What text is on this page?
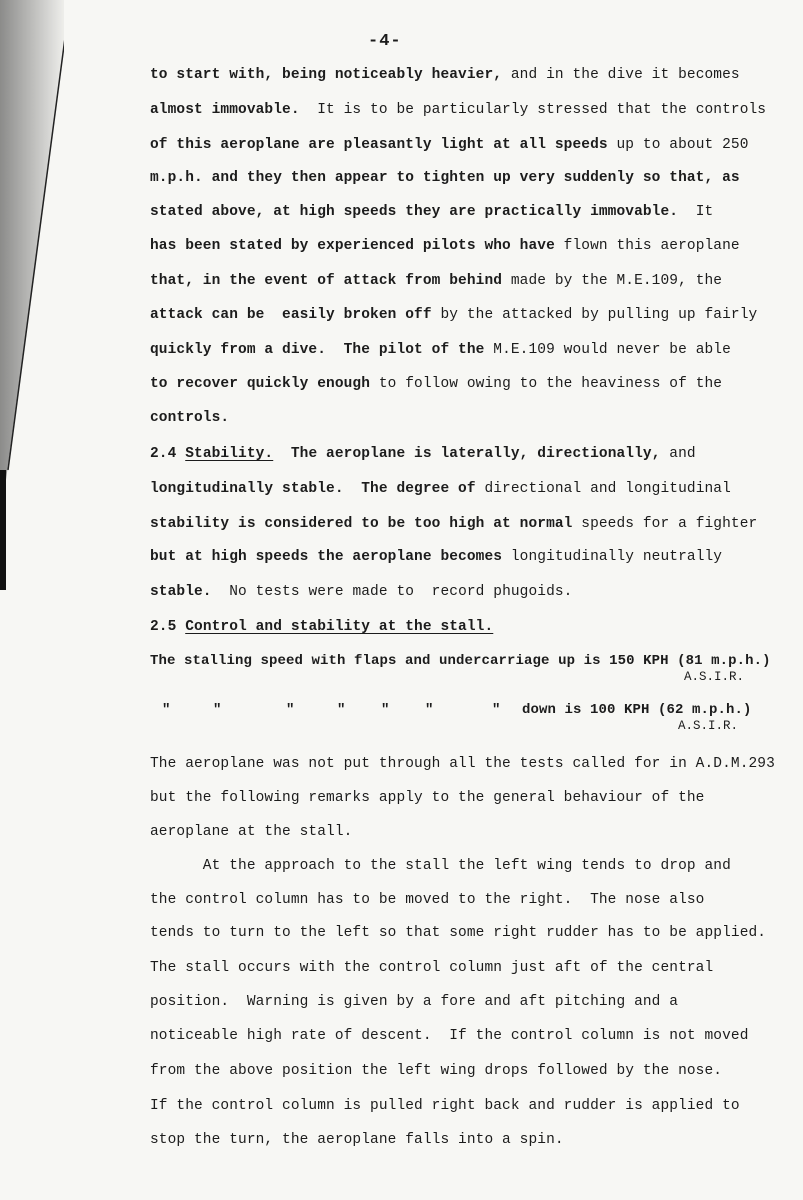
-4-
to start with, being noticeably heavier, and in the dive it becomes
almost immovable.  It is to be particularly stressed that the controls
of this aeroplane are pleasantly light at all speeds up to about 250
m.p.h. and they then appear to tighten up very suddenly so that, as
stated above, at high speeds they are practically immovable.  It
has been stated by experienced pilots who have flown this aeroplane
that, in the event of attack from behind made by the M.E.109, the
attack can be  easily broken off by the attacked by pulling up fairly
quickly from a dive.  The pilot of the M.E.109 would never be able
to recover quickly enough to follow owing to the heaviness of the
controls.
2.4 Stability.  The aeroplane is laterally, directionally, and
longitudinally stable.  The degree of directional and longitudinal
stability is considered to be too high at normal speeds for a fighter
but at high speeds the aeroplane becomes longitudinally neutrally
stable.  No tests were made to  record phugoids.
2.5 Control and stability at the stall.
The stalling speed with flaps and undercarriage up is 150 KPH (81 m.p.h.)
A.S.I.R.
"	"	"	"	"	"	" down is 100 KPH (62 m.p.h.)
A.S.I.R.
The aeroplane was not put through all the tests called for in A.D.M.293
but the following remarks apply to the general behaviour of the
aeroplane at the stall.
At the approach to the stall the left wing tends to drop and
the control column has to be moved to the right.  The nose also
tends to turn to the left so that some right rudder has to be applied.
The stall occurs with the control column just aft of the central
position.  Warning is given by a fore and aft pitching and a
noticeable high rate of descent.  If the control column is not moved
from the above position the left wing drops followed by the nose.
If the control column is pulled right back and rudder is applied to
stop the turn, the aeroplane falls into a spin.
